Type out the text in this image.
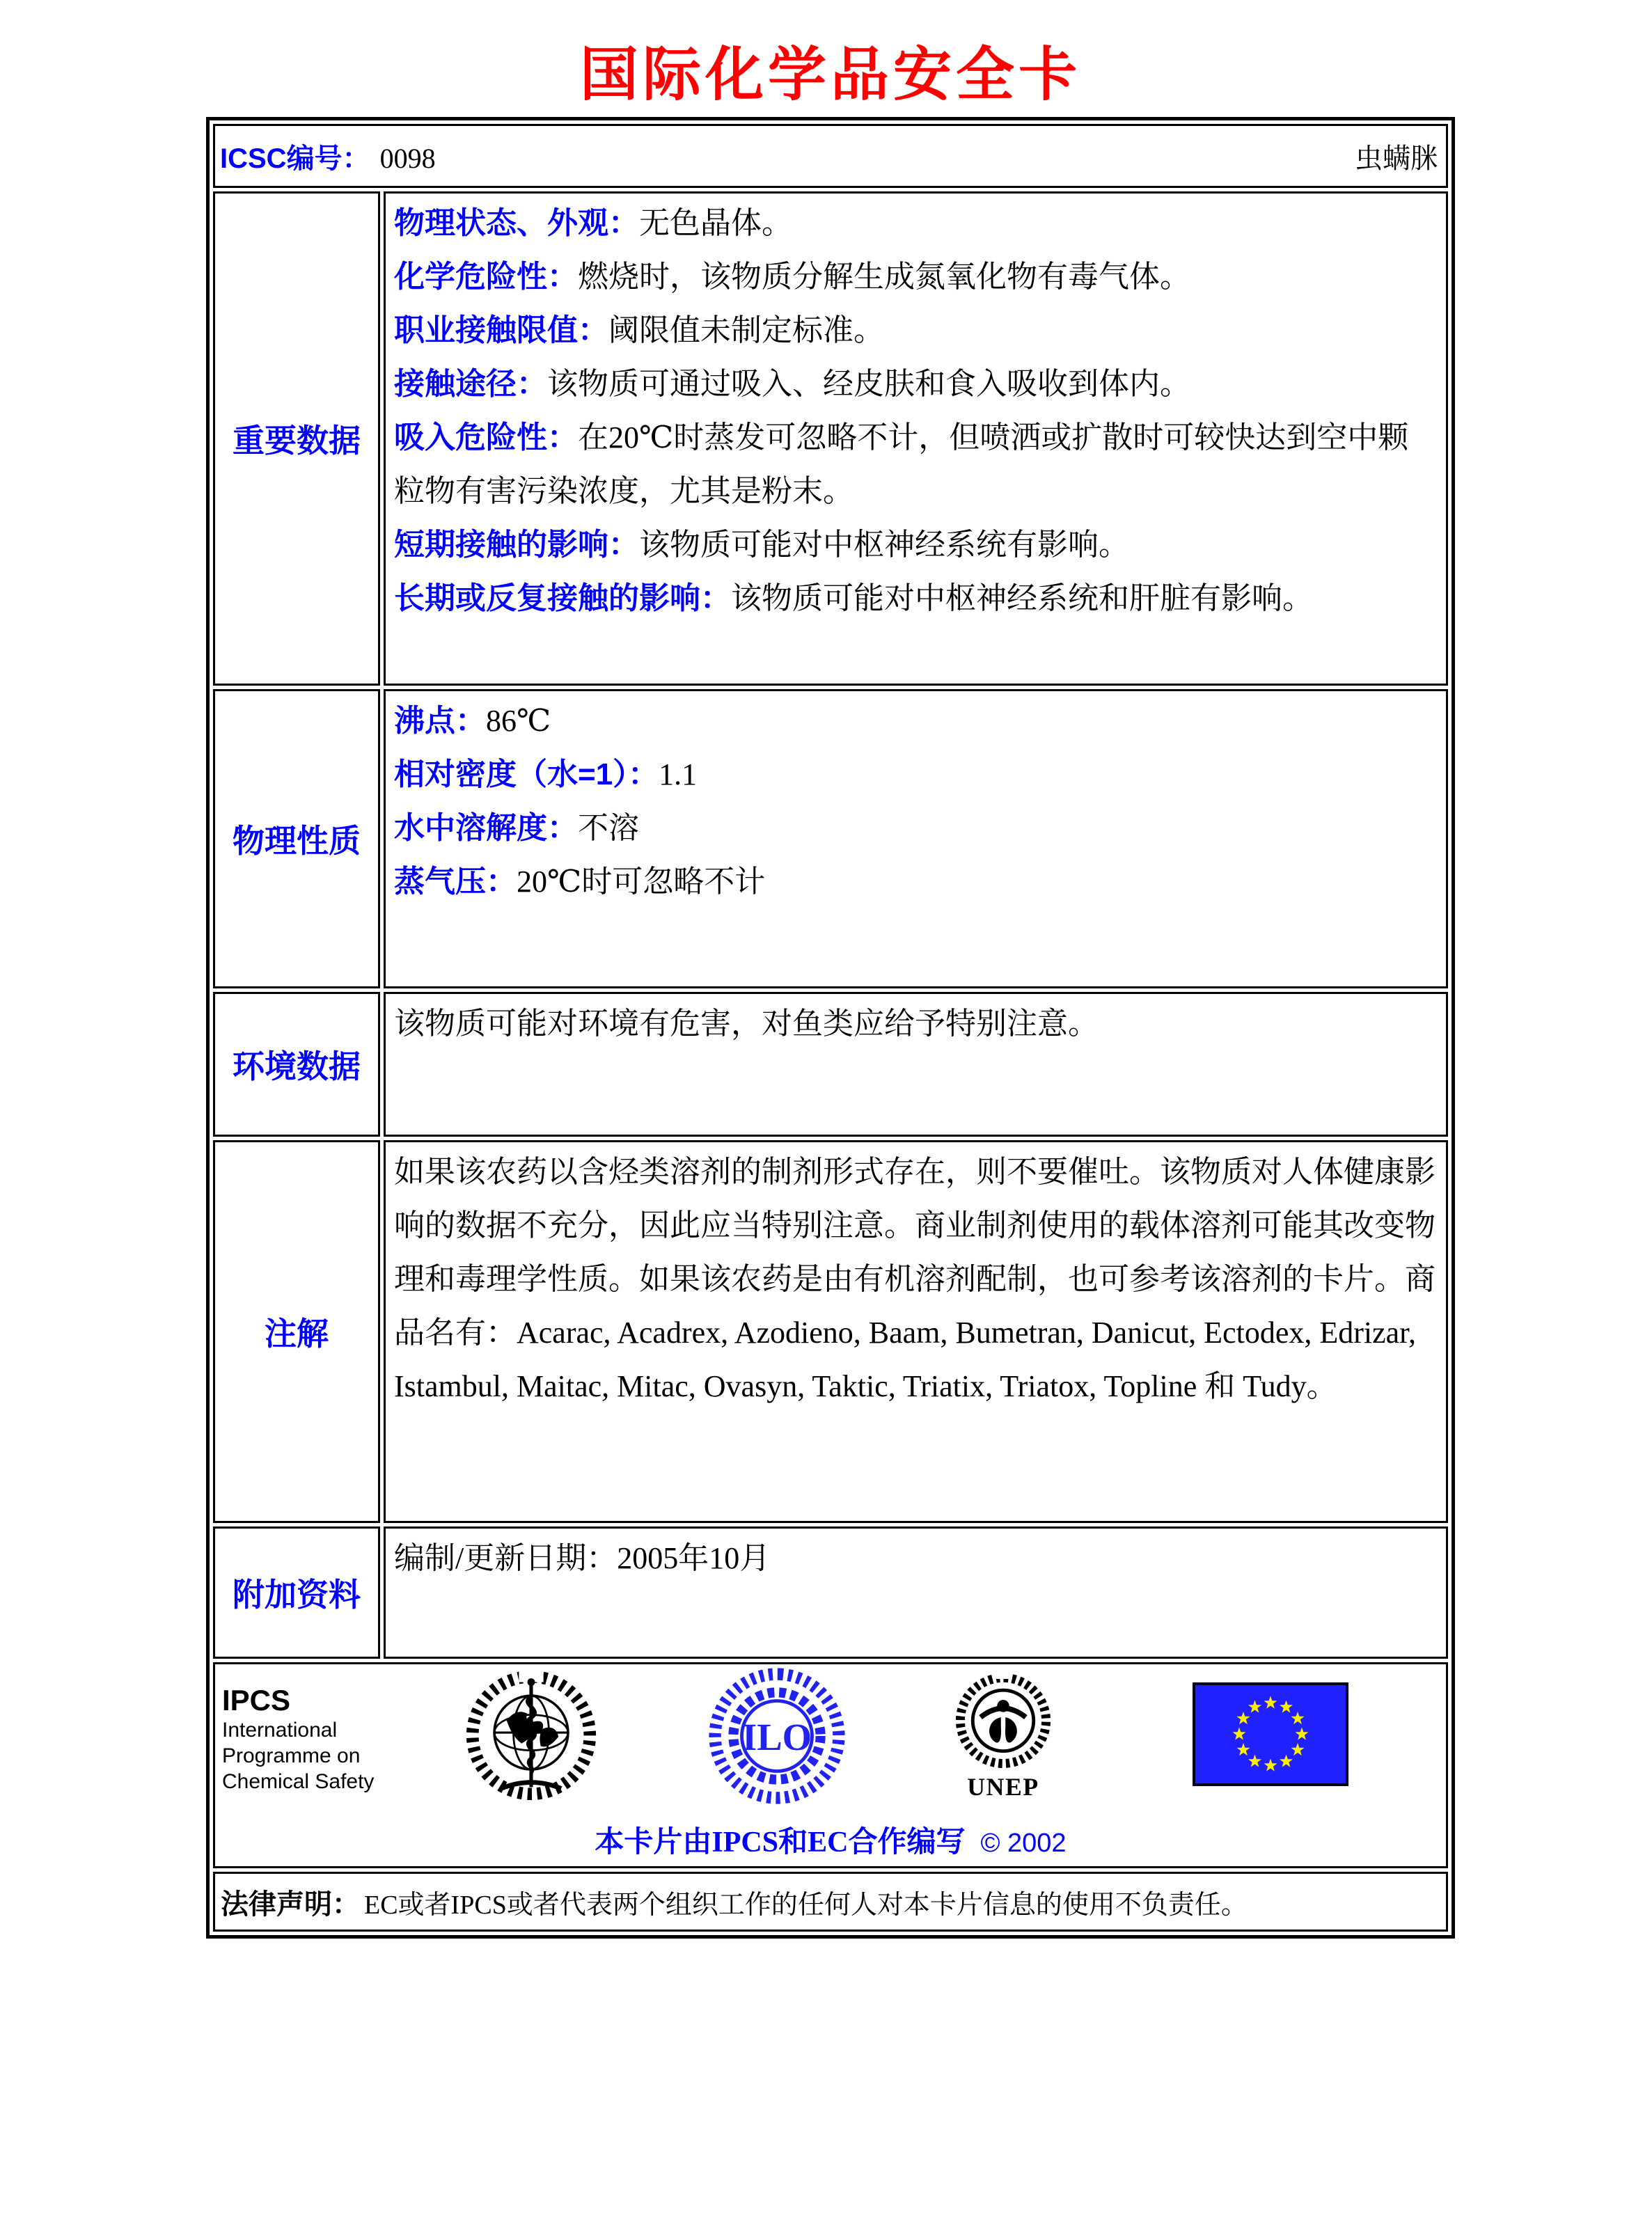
国际化学品安全卡
ICSC编号： 0098 虫螨脒	

重要数据	
物理状态、外观：无色晶体。
化学危险性：燃烧时，该物质分解生成氮氧化物有毒气体。
职业接触限值：阈限值未制定标准。
接触途径：该物质可通过吸入、经皮肤和食入吸收到体内。
吸入危险性：在20℃时蒸发可忽略不计，但喷洒或扩散时可较快达到空中颗粒物有害污染浓度，尤其是粉末。
短期接触的影响：该物质可能对中枢神经系统有影响。
长期或反复接触的影响：该物质可能对中枢神经系统和肝脏有影响。

物理性质	沸点：86℃
相对密度（水=1）：1.1
水中溶解度：不溶
蒸气压：20℃时可忽略不计

环境数据	该物质可能对环境有危害，对鱼类应给予特别注意。

注解	如果该农药以含烃类溶剂的制剂形式存在，则不要催吐。该物质对人体健康影响的数据不充分，因此应当特别注意。商业制剂使用的载体溶剂可能其改变物理和毒理学性质。如果该农药是由有机溶剂配制，也可参考该溶剂的卡片。商品名有：Acarac, Acadrex, Azodieno, Baam, Bumetran, Danicut, Ectodex, Edrizar, Istambul, Maitac, Mitac, Ovasyn, Taktic, Triatix, Triatox, Topline 和 Tudy。

附加资料	编制/更新日期：2005年10月

IPCS
International
Programme on
Chemical Safety
ILO
UNEP
本卡片由IPCS和EC合作编写 © 2002

法律声明： EC或者IPCS或者代表两个组织工作的任何人对本卡片信息的使用不负责任。	
